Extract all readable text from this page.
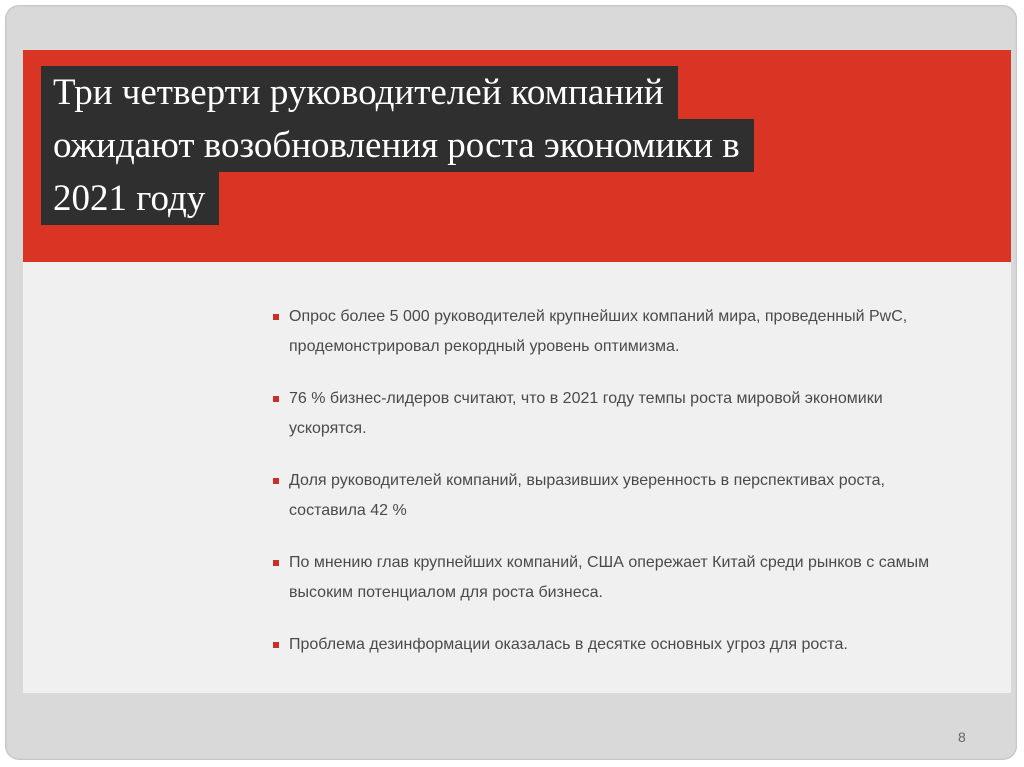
Три четверти руководителей компаний
ожидают возобновления роста экономики в
2021 году
Опрос более 5 000 руководителей крупнейших компаний мира, проведенный PwC,
продемонстрировал рекордный уровень оптимизма.
76 % бизнес-лидеров считают, что в 2021 году темпы роста мировой экономики
ускорятся.
Доля руководителей компаний, выразивших уверенность в перспективах роста,
составила 42 %
По мнению глав крупнейших компаний, США опережает Китай среди рынков с самым
высоким потенциалом для роста бизнеса.
Проблема дезинформации оказалась в десятке основных угроз для роста.
8
